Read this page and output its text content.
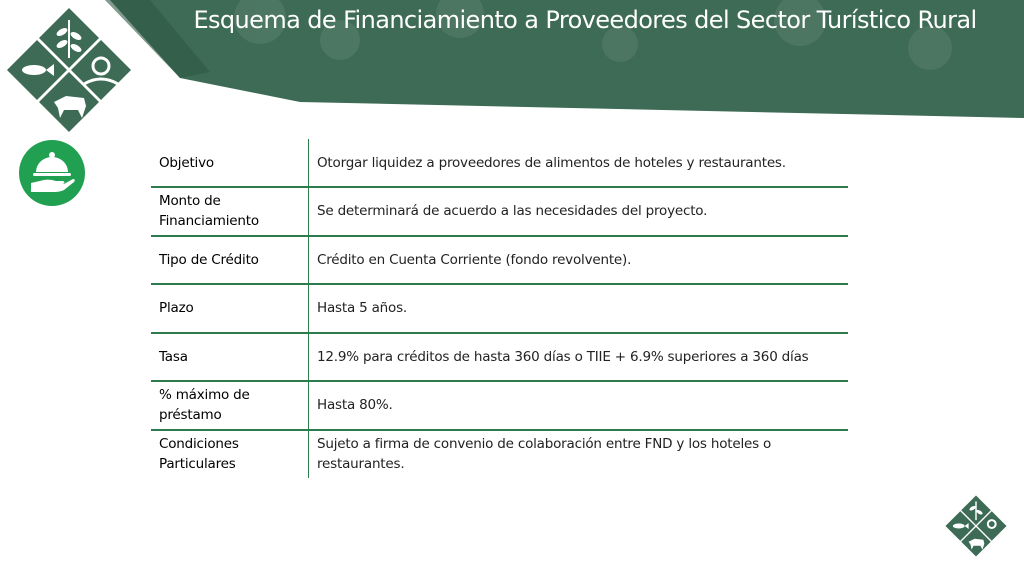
Esquema de Financiamiento a Proveedores del Sector Turístico Rural
Objetivo	Otorgar liquidez a proveedores de alimentos de hoteles y restaurantes.
Monto de Financiamiento	Se determinará de acuerdo a las necesidades del proyecto.
Tipo de Crédito	Crédito en Cuenta Corriente (fondo revolvente).
Plazo	Hasta 5 años.
Tasa	12.9% para créditos de hasta 360 días o TIIE + 6.9% superiores a 360 días
% máximo de préstamo	Hasta 80%.
Condiciones Particulares	Sujeto a firma de convenio de colaboración entre FND y los hoteles o restaurantes.
